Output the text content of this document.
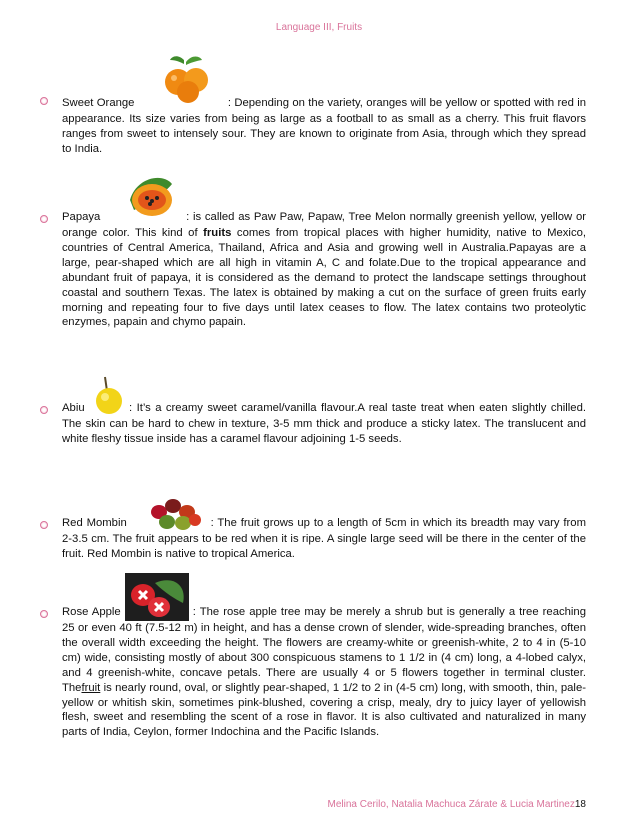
Language III, Fruits

Sweet Orange	: Depending on the variety, oranges will be yellow or spotted with red in appearance. Its size varies from being as large as a football to as small as a cherry. This fruit flavors ranges from sweet to intensely sour. They are known to originate from Asia, through which they spread to India.

Papaya	: is called as Paw Paw, Papaw, Tree Melon normally greenish yellow, yellow or orange color. This kind of fruits comes from tropical places with higher humidity, native to Mexico, countries of Central America, Thailand, Africa and Asia and growing well in Australia.Papayas are a large, pear-shaped which are all high in vitamin A, C and folate.Due to the tropical appearance and abundant fruit of papaya, it is considered as the demand to protect the landscape settings throughout coastal and southern Texas. The latex is obtained by making a cut on the surface of green fruits early morning and repeating four to five days until latex ceases to flow. The latex contains two proteolytic enzymes, papain and chymo papain.

Abiu	: It’s a creamy sweet caramel/vanilla flavour.A real taste treat when eaten slightly chilled. The skin can be hard to chew in texture, 3-5 mm thick and produce a sticky latex. The translucent and white fleshy tissue inside has a caramel flavour adjoining 1-5 seeds.

Red Mombin	: The fruit grows up to a length of 5cm in which its breadth may vary from 2-3.5 cm. The fruit appears to be red when it is ripe. A single large seed will be there in the center of the fruit. Red Mombin is native to tropical America.

Rose Apple	: The rose apple tree may be merely a shrub but is generally a tree reaching 25 or even 40 ft (7.5-12 m) in height, and has a dense crown of slender, wide-spreading branches, often the overall width exceeding the height. The flowers are creamy-white or greenish-white, 2 to 4 in (5-10 cm) wide, consisting mostly of about 300 conspicuous stamens to 1 1/2 in (4 cm) long, a 4-lobed calyx, and 4 greenish-white, concave petals. There are usually 4 or 5 flowers together in terminal cluster. Thefruit is nearly round, oval, or slightly pear-shaped, 1 1/2 to 2 in (4-5 cm) long, with smooth, thin, pale-yellow or whitish skin, sometimes pink-blushed, covering a crisp, mealy, dry to juicy layer of yellowish flesh, sweet and resembling the scent of a rose in flavor. It is also cultivated and naturalized in many parts of India, Ceylon, former Indochina and the Pacific Islands.

Melina Cerilo, Natalia Machuca Zárate & Lucia Martinez18
